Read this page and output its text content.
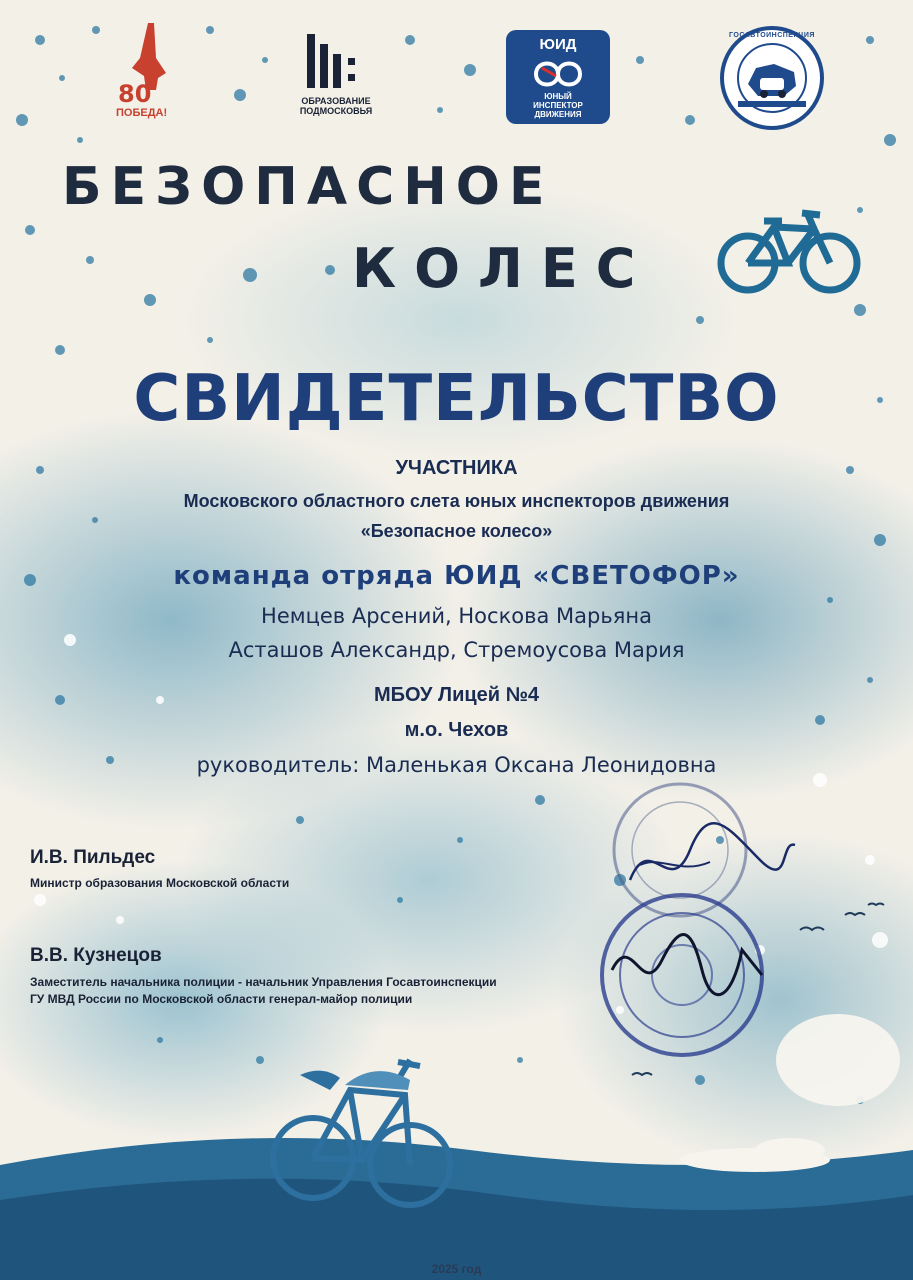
80
ПОБЕДА!
ОБРАЗОВАНИЕ
ПОДМОСКОВЬЯ
ЮИД
ЮНЫЙ
ИНСПЕКТОР
ДВИЖЕНИЯ
ГОСАВТОИНСПЕКЦИЯ
БЕЗОПАСНОЕ
КОЛЕС
СВИДЕТЕЛЬСТВО
УЧАСТНИКА
Московского областного слета юных инспекторов движения
«Безопасное колесо»
команда отряда ЮИД «СВЕТОФОР»
Немцев Арсений, Носкова Марьяна
Асташов Александр, Стремоусова Мария
МБОУ Лицей №4
м.о. Чехов
руководитель: Маленькая Оксана Леонидовна
И.В. Пильдес
Министр образования Московской области
В.В. Кузнецов
Заместитель начальника полиции - начальник Управления Госавтоинспекции
ГУ МВД России по Московской области генерал-майор полиции
2025 год
